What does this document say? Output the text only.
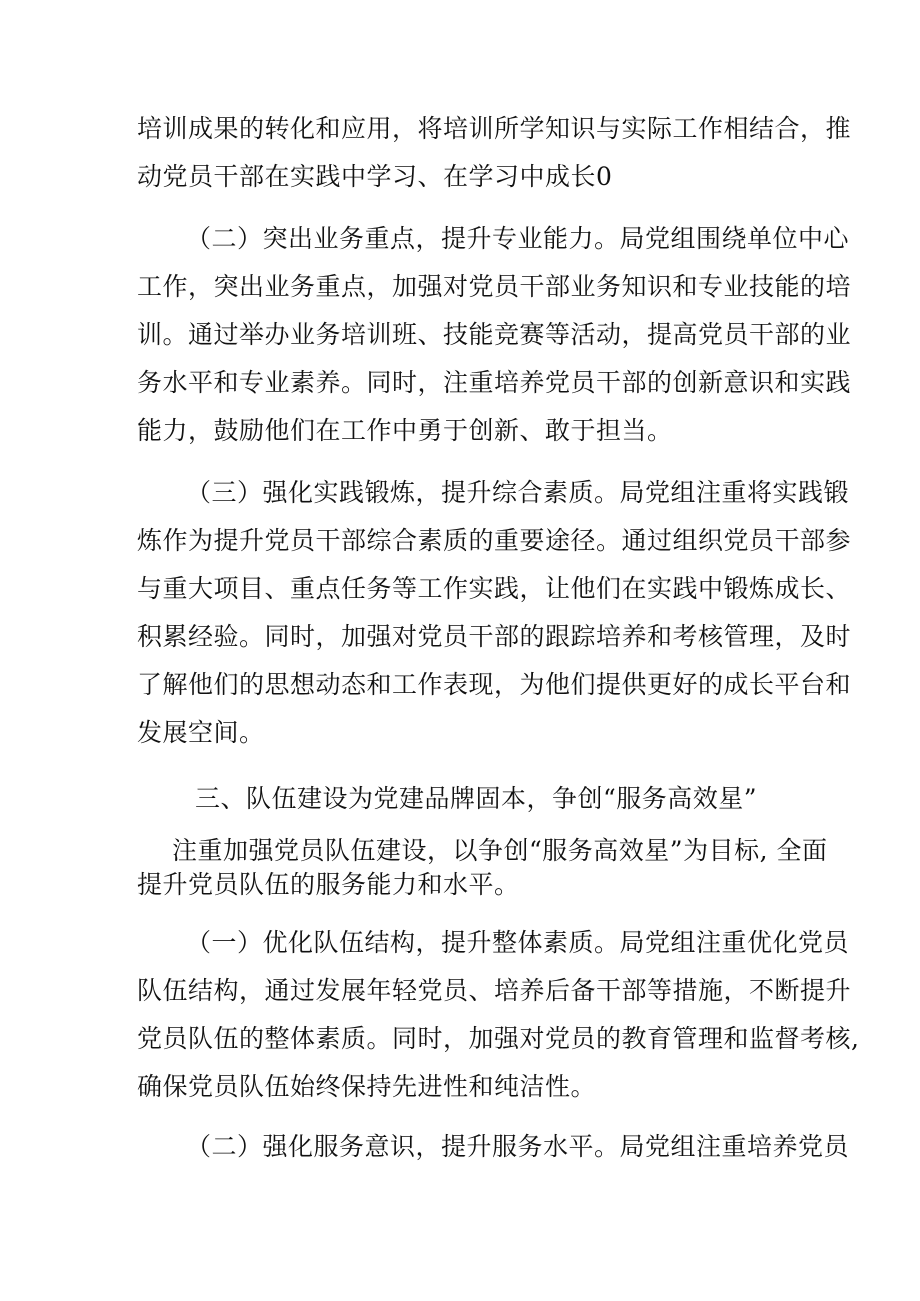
培训成果的转化和应用，将培训所学知识与实际工作相结合，推
动党员干部在实践中学习、在学习中成长0
（二）突出业务重点，提升专业能力。局党组围绕单位中心
工作，突出业务重点，加强对党员干部业务知识和专业技能的培
训。通过举办业务培训班、技能竞赛等活动，提高党员干部的业
务水平和专业素养。同时，注重培养党员干部的创新意识和实践
能力，鼓励他们在工作中勇于创新、敢于担当。
（三）强化实践锻炼，提升综合素质。局党组注重将实践锻
炼作为提升党员干部综合素质的重要途径。通过组织党员干部参
与重大项目、重点任务等工作实践，让他们在实践中锻炼成长、
积累经验。同时，加强对党员干部的跟踪培养和考核管理，及时
了解他们的思想动态和工作表现，为他们提供更好的成长平台和
发展空间。
三、队伍建设为党建品牌固本，争创“服务高效星”
注重加强党员队伍建设，以争创“服务高效星”为目标, 全面
提升党员队伍的服务能力和水平。
（一）优化队伍结构，提升整体素质。局党组注重优化党员
队伍结构，通过发展年轻党员、培养后备干部等措施，不断提升
党员队伍的整体素质。同时，加强对党员的教育管理和监督考核,
确保党员队伍始终保持先进性和纯洁性。
（二）强化服务意识，提升服务水平。局党组注重培养党员
